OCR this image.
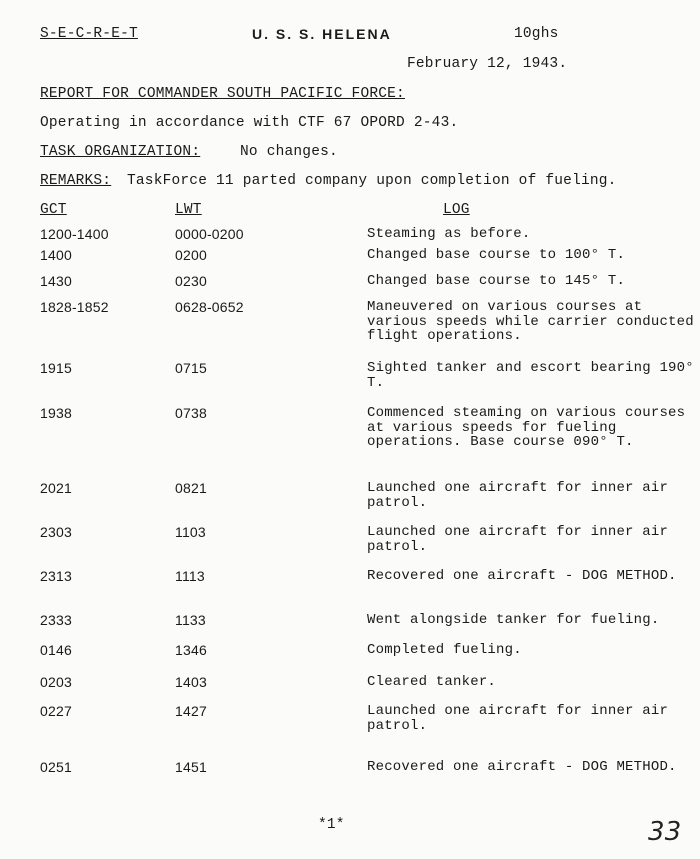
S-E-C-R-E-T	U. S. S. HELENA	10ghs
February 12, 1943.
REPORT FOR COMMANDER SOUTH PACIFIC FORCE:
Operating in accordance with CTF 67 OPORD 2-43.
TASK ORGANIZATION:	No changes.
REMARKS: TaskForce 11 parted company upon completion of fueling.
GCT	LWT	LOG
1200-1400	0000-0200	Steaming as before.
1400	0200	Changed base course to 100° T.
1430	0230	Changed base course to 145° T.
1828-1852	0628-0652	Maneuvered on various courses at various speeds while carrier conducted flight operations.
1915	0715	Sighted tanker and escort bearing 190° T.
1938	0738	Commenced steaming on various courses at various speeds for fueling operations. Base course 090° T.
2021	0821	Launched one aircraft for inner air patrol.
2303	1103	Launched one aircraft for inner air patrol.
2313	1113	Recovered one aircraft - DOG METHOD.
2333	1133	Went alongside tanker for fueling.
0146	1346	Completed fueling.
0203	1403	Cleared tanker.
0227	1427	Launched one aircraft for inner air patrol.
0251	1451	Recovered one aircraft - DOG METHOD.
*1*	33
